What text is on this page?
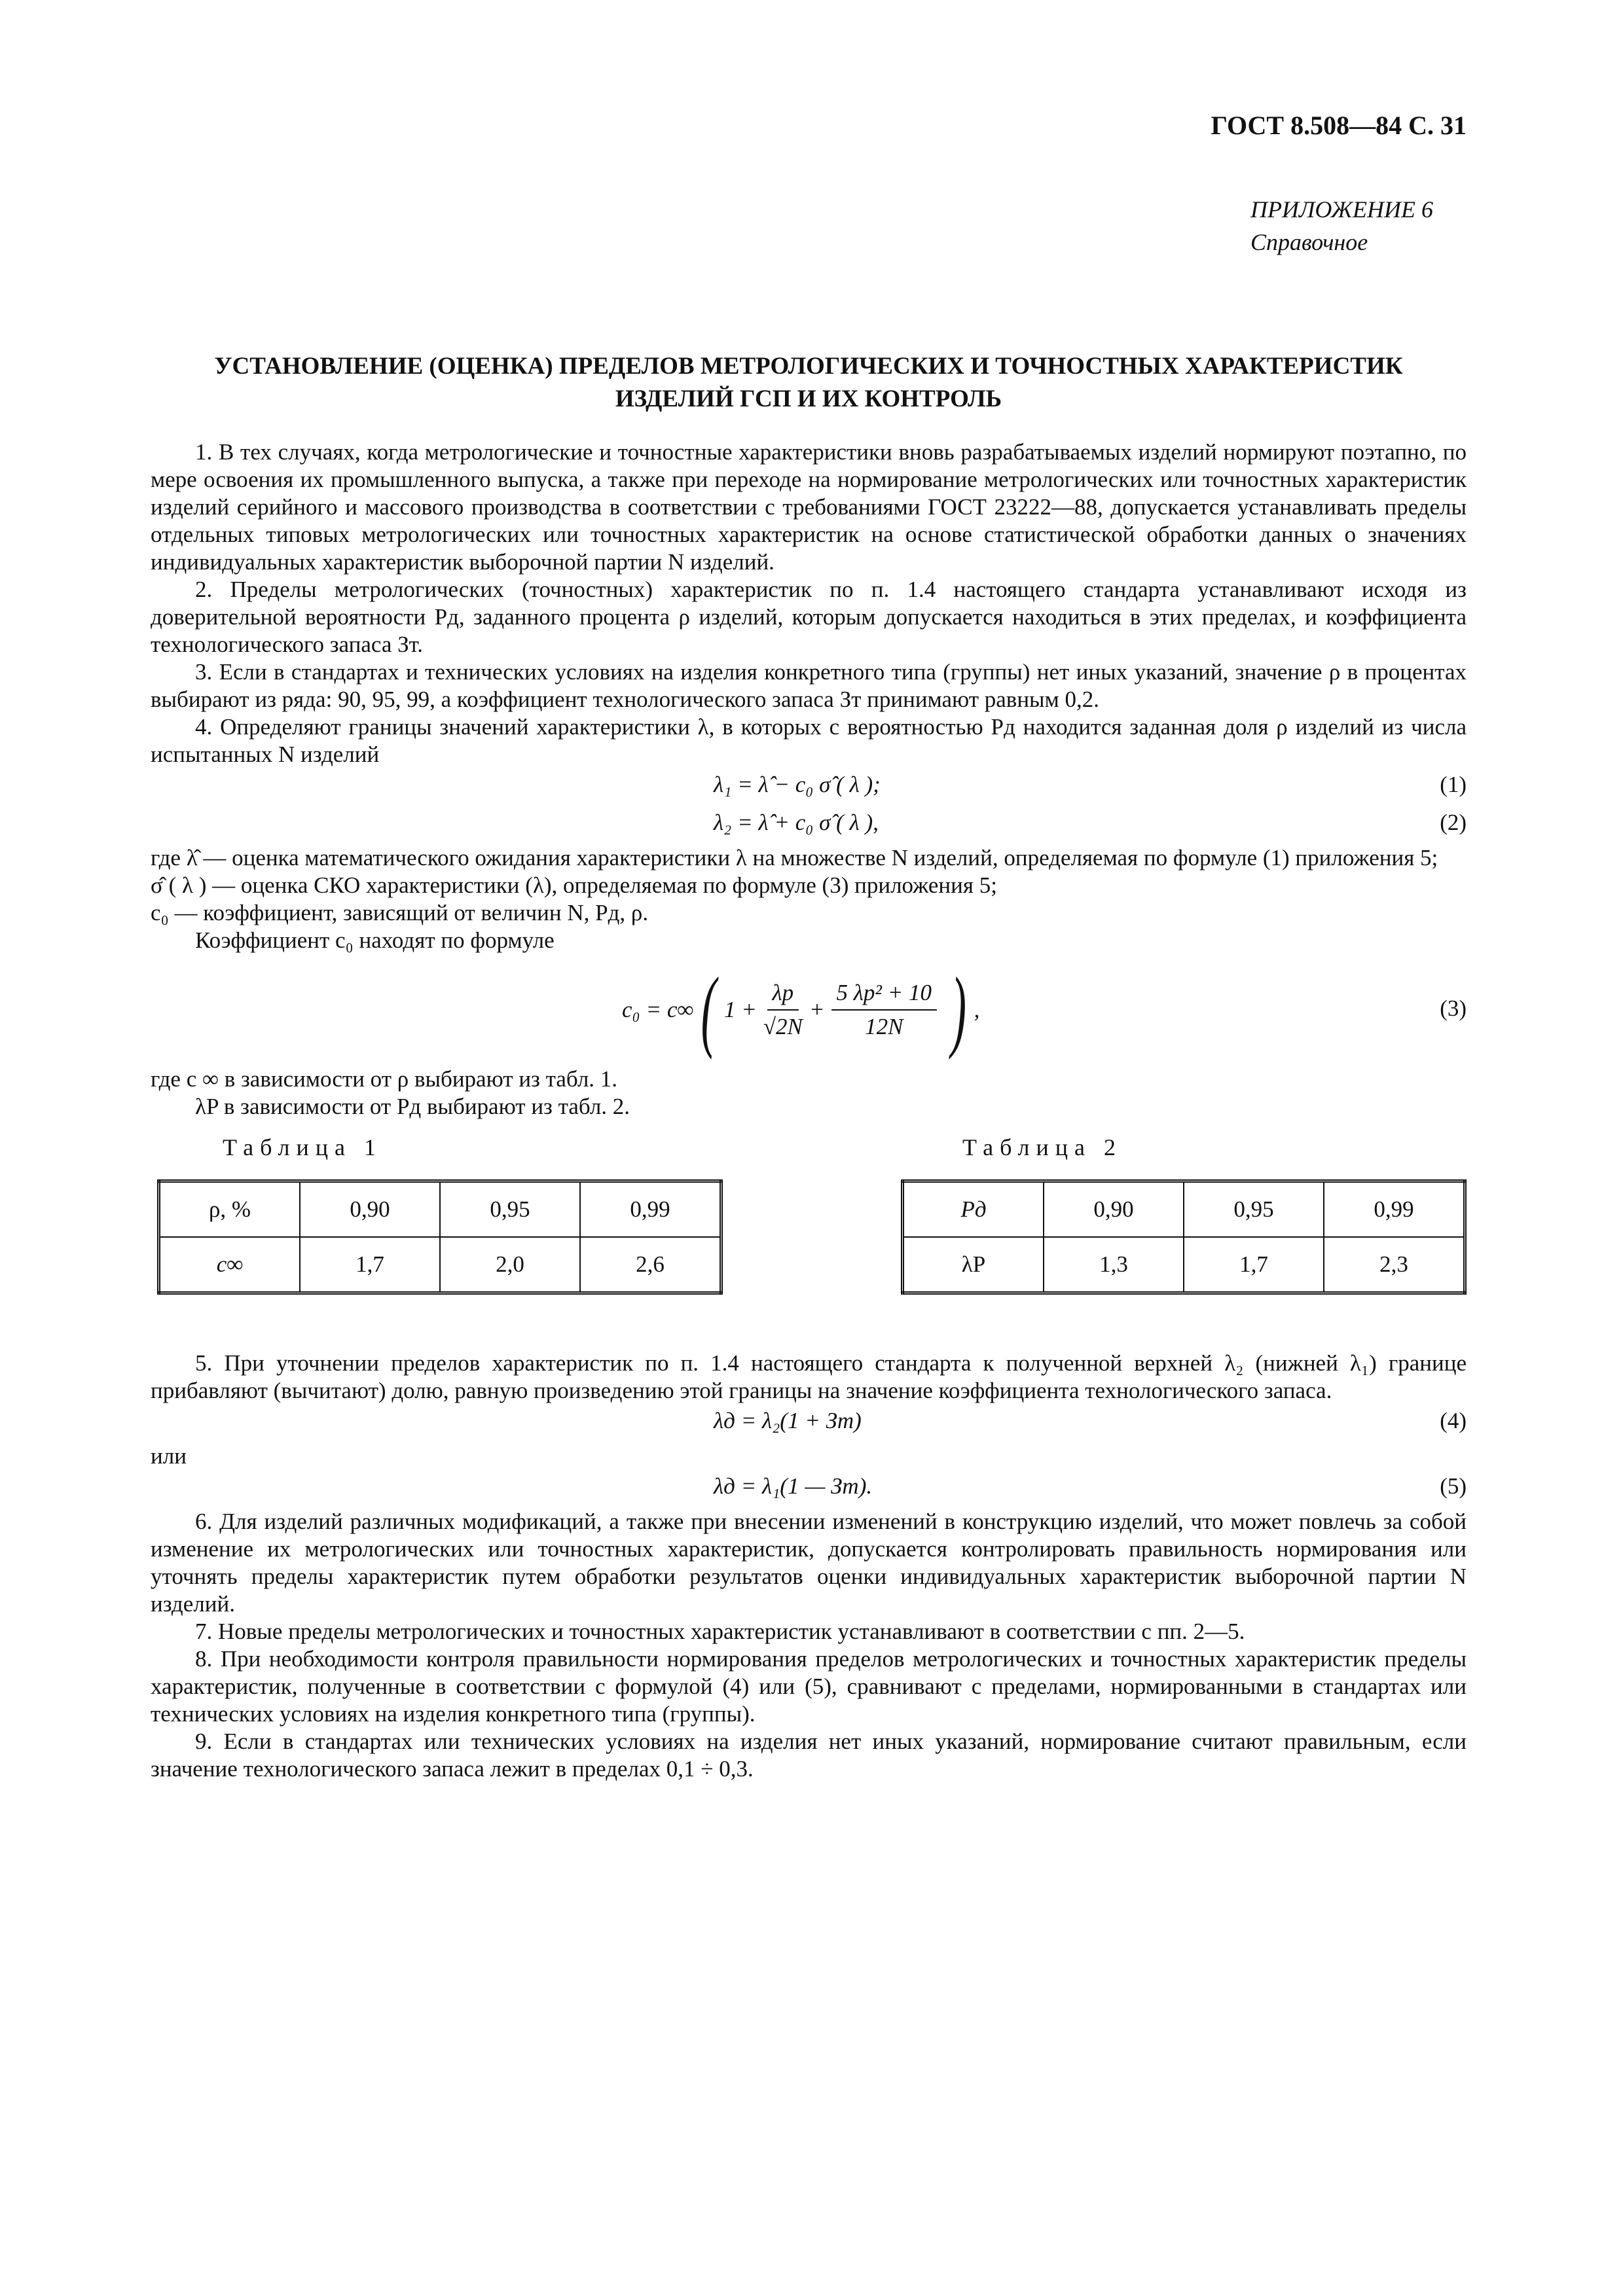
ГОСТ 8.508—84 С. 31
ПРИЛОЖЕНИЕ 6
Справочное
УСТАНОВЛЕНИЕ (ОЦЕНКА) ПРЕДЕЛОВ МЕТРОЛОГИЧЕСКИХ И ТОЧНОСТНЫХ ХАРАКТЕРИСТИК
ИЗДЕЛИЙ ГСП И ИХ КОНТРОЛЬ

1. В тех случаях, когда метрологические и точностные характеристики вновь разрабатываемых изделий нормируют поэтапно, по мере освоения их промышленного выпуска, а также при переходе на нормирование метрологических или точностных характеристик изделий серийного и массового производства в соответствии с требованиями ГОСТ 23222—88, допускается устанавливать пределы отдельных типовых метрологических или точностных характеристик на основе статистической обработки данных о значениях индивидуальных характеристик выборочной партии N изделий.

2. Пределы метрологических (точностных) характеристик по п. 1.4 настоящего стандарта устанавливают исходя из доверительной вероятности Pд, заданного процента ρ изделий, которым допускается находиться в этих пределах, и коэффициента технологического запаса Зт.

3. Если в стандартах и технических условиях на изделия конкретного типа (группы) нет иных указаний, значение ρ в процентах выбирают из ряда: 90, 95, 99, а коэффициент технологического запаса Зт принимают равным 0,2.

4. Определяют границы значений характеристики λ, в которых с вероятностью Pд находится заданная доля ρ изделий из числа испытанных N изделий

λ₁ = λ̂ − c₀ σ̂ ( λ );	(1)
λ₂ = λ̂ + c₀ σ̂ ( λ ),	(2)

где λ̂ — оценка математического ожидания характеристики λ на множестве N изделий, определяемая по формуле (1) приложения 5;

σ̂ ( λ ) — оценка СКО характеристики (λ), определяемая по формуле (3) приложения 5;

c₀ — коэффициент, зависящий от величин N, Pд, ρ.

Коэффициент c₀ находят по формуле

c₀ = c∞ ( $1 + \frac{\lambda p}{√2N} + \frac{\text{5 λp² + 10}}{12N}$ ) ,	(3)

где c ∞ в зависимости от ρ выбирают из табл. 1.

λP в зависимости от Pд выбирают из табл. 2.

Таблица 1
ρ, %	0,90	0,95	0,99
c∞	1,7	2,0	2,6
Таблица 2
Pд	0,90	0,95	0,99
λP	1,3	1,7	2,3

5. При уточнении пределов характеристик по п. 1.4 настоящего стандарта к полученной верхней λ₂ (нижней λ₁) границе прибавляют (вычитают) долю, равную произведению этой границы на значение коэффициента технологического запаса.

λд = λ₂(1 + Зт)	(4)

или

λд = λ₁(1 — Зт).	(5)

6. Для изделий различных модификаций, а также при внесении изменений в конструкцию изделий, что может повлечь за собой изменение их метрологических или точностных характеристик, допускается контролировать правильность нормирования или уточнять пределы характеристик путем обработки результатов оценки индивидуальных характеристик выборочной партии N изделий.

7. Новые пределы метрологических и точностных характеристик устанавливают в соответствии с пп. 2—5.

8. При необходимости контроля правильности нормирования пределов метрологических и точностных характеристик пределы характеристик, полученные в соответствии с формулой (4) или (5), сравнивают с пределами, нормированными в стандартах или технических условиях на изделия конкретного типа (группы).

9. Если в стандартах или технических условиях на изделия нет иных указаний, нормирование считают правильным, если значение технологического запаса лежит в пределах 0,1 ÷ 0,3.
